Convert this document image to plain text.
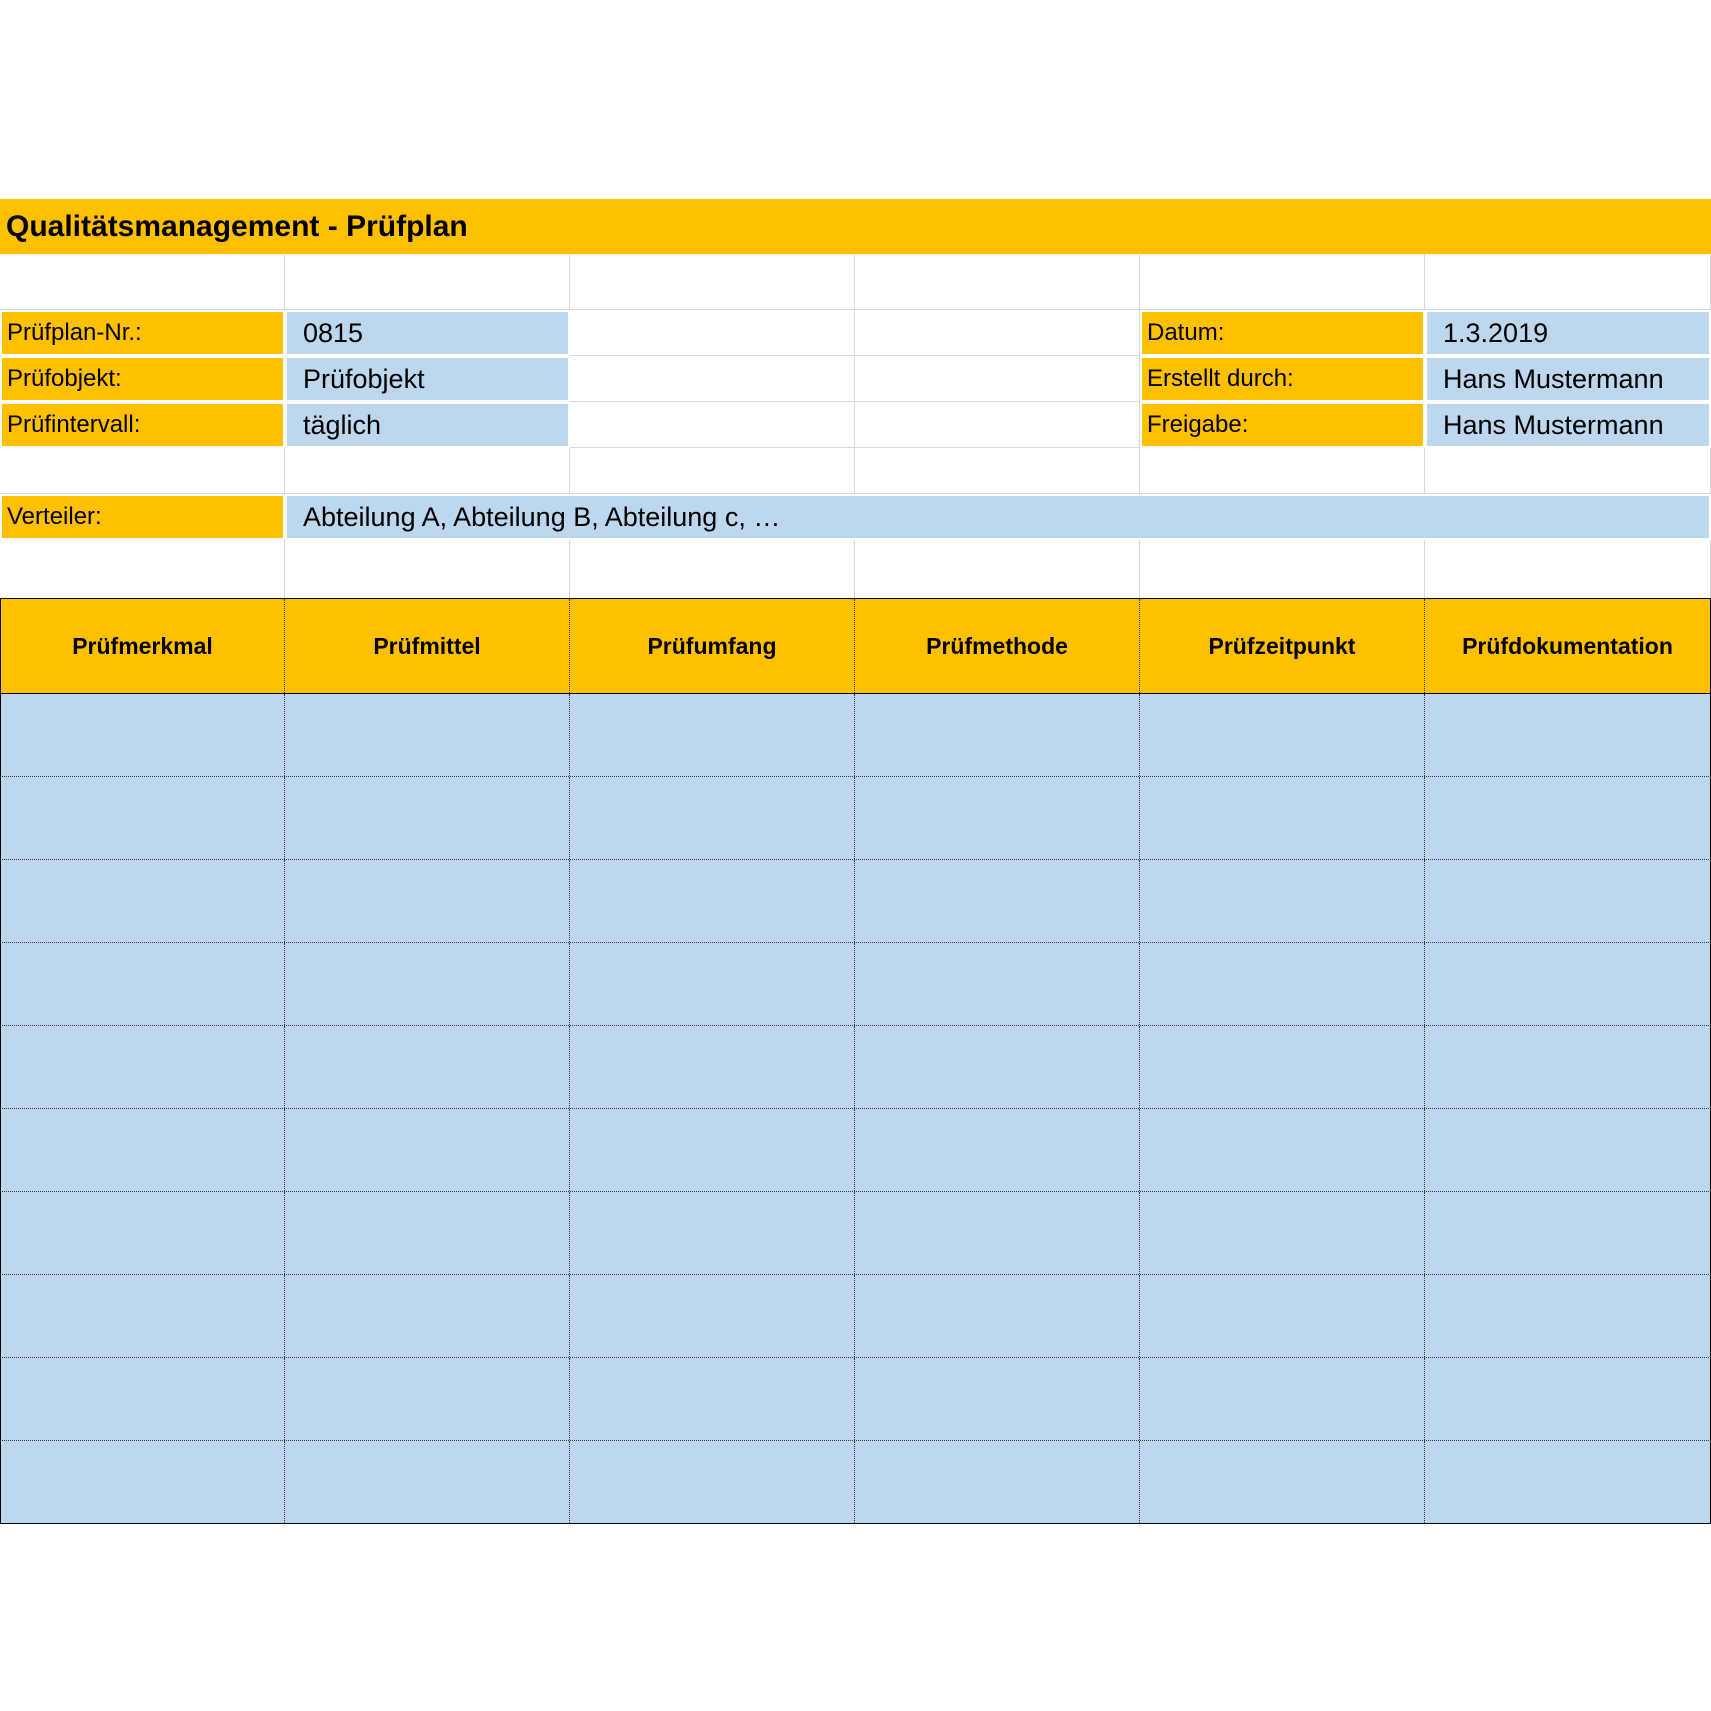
Qualitätsmanagement - Prüfplan
Prüfplan-Nr.:	0815	Datum:	1.3.2019
Prüfobjekt:	Prüfobjekt	Erstellt durch:	Hans Mustermann
Prüfintervall:	täglich	Freigabe:	Hans Mustermann
Verteiler:	Abteilung A, Abteilung B, Abteilung c, …
Prüfmerkmal	Prüfmittel	Prüfumfang	Prüfmethode	Prüfzeitpunkt	Prüfdokumentation
